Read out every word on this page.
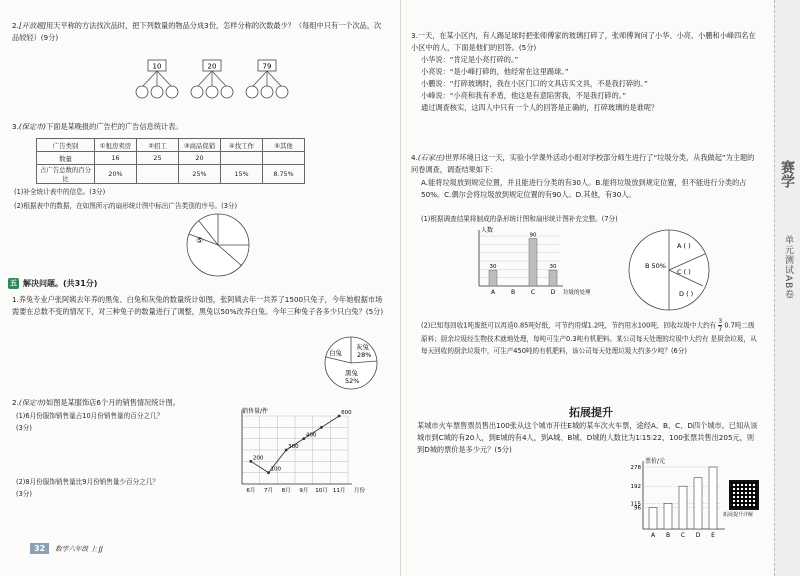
2.[开放题]用天平称的方法找次品时，把下列数量的物品分成3份，怎样分称的次数最少？（每组中只有一个次品，次品较轻）(9分)
10	20	79
3.(保定市)下面是某晚报的广告栏的广告信息统计表。
广告类别	①租房卖房	②招工	③商品促销	④找工作	⑤其他
数量	16	25	20		
占广告总数的百分比	20%		25%	15%	8.75%
(1)补全统计表中的信息。(3分)
(2)根据表中的数据，在如图所示的扇形统计图中标出广告类别的序号。(3分)
⑤
五 解决问题。(共31分)
1.养兔专业户张阿姨去年养的黑兔、白兔和灰兔的数量统计如图，张阿姨去年一共养了1500只兔子，今年她根据市场需要在总数不变的情况下，对三种兔子的数量进行了调整，黑兔以50%改养白兔。今年三种兔子各多少只白兔？(5分)
白兔
灰兔
28%
黑兔
52%
2.(保定市)如图是某服饰店6个月的销售情况统计图。
(1)6月份服饰销售量占10月份销售量的百分之几？
(3分)
(2)8月份服饰销售量比9月份销售量少百分之几？
(3分)
销售量/件
200
6月
100
7月
300
8月
400
9月 10月
600
11月 月份
32 数学六年级 上 JJ
3.一天，在某小区内，有人踢足球时把张师傅家的玻璃打碎了，张师傅询问了小华、小亮、小鹏和小峰四名在小区中的人，下面是他们的回答。(5分)
小华说：“肯定是小亮打碎的。”
小亮说：“是小峰打碎的，他经常在这里踢球。”
小鹏说：“打碎玻璃时，我在小区门口的文具店买文具，不是我打碎的。”
小峰说：“小亮和我有矛盾，他这是有意陷害我，不是我打碎的。”
通过调查核实，这四人中只有一个人的回答是正确的，打碎玻璃的是谁呢？
4.(石家庄)世界环境日这一天，实验小学课外活动小组对学校部分师生进行了“垃圾分类，从我做起”为主题的问卷调查，调查结果如下：
A.能将垃圾放到规定位置，并且能进行分类的有30人。B.能将垃圾放到规定位置，但不能进行分类的占50%。C.偶尔会将垃圾放到规定位置的有90人。D.其他，有30人。
(1)根据调查结果将制成的条形统计图和扇形统计图补充完整。(7分)
人数
30
A	B
90
C
30
D 垃圾的处理
A ( )
B 50%
C ( )
D ( )
(2)已知每回收1吨废纸可以再造0.85吨好纸，可节约用煤1.2吨，节约用水100吨，回收垃圾中大约有 $\frac{3}{7} 0.7$吨二级原料；厨余垃圾经生物技术就地处理，每吨可生产0.3吨有机肥料。某公司每天处理的垃圾中大约有 是厨余垃圾，从每天回收的厨余垃圾中，可生产450吨的有机肥料，该公司每天处理垃圾大约多少吨？(6分)
拓展提升
某城市火车票售票员售出100张从这个城市开往E城的某车次火车票，途经A、B、C、D四个城市。已知从该城市到C城的有20人，到E城的有4人，到A城、B城、D城的人数比为1∶15∶22，100张票共售出205元，则到D城的票价是多少元？(5分)
票价/元
278
192
115
96
A B C D E
拓展提升详解
赛学
单元测试AB卷
